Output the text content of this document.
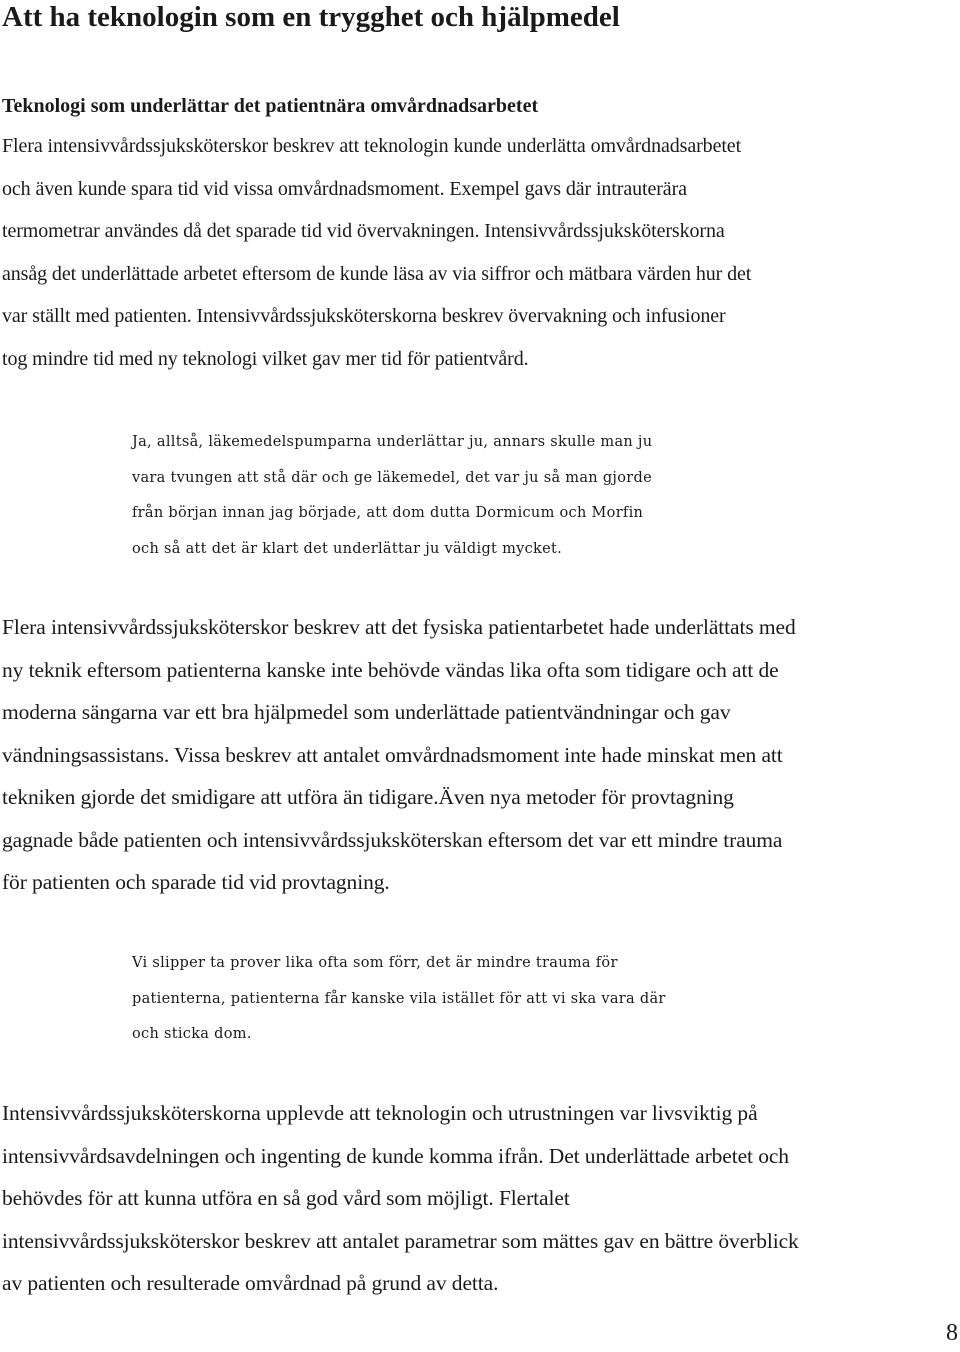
Att ha teknologin som en trygghet och hjälpmedel
Teknologi som underlättar det patientnära omvårdnadsarbetet

Flera intensivvårdssjuksköterskor beskrev att teknologin kunde underlätta omvårdnadsarbetet
och även kunde spara tid vid vissa omvårdnadsmoment. Exempel gavs där intrauterära
termometrar användes då det sparade tid vid övervakningen. Intensivvårdssjuksköterskorna
ansåg det underlättade arbetet eftersom de kunde läsa av via siffror och mätbara värden hur det
var ställt med patienten. Intensivvårdssjuksköterskorna beskrev övervakning och infusioner
tog mindre tid med ny teknologi vilket gav mer tid för patientvård.

Ja, alltså, läkemedelspumparna underlättar ju, annars skulle man ju
vara tvungen att stå där och ge läkemedel, det var ju så man gjorde
från början innan jag började, att dom dutta Dormicum och Morfin
och så att det är klart det underlättar ju väldigt mycket.

Flera intensivvårdssjuksköterskor beskrev att det fysiska patientarbetet hade underlättats med
ny teknik eftersom patienterna kanske inte behövde vändas lika ofta som tidigare och att de
moderna sängarna var ett bra hjälpmedel som underlättade patientvändningar och gav
vändningsassistans. Vissa beskrev att antalet omvårdnadsmoment inte hade minskat men att
tekniken gjorde det smidigare att utföra än tidigare.Även nya metoder för provtagning
gagnade både patienten och intensivvårdssjuksköterskan eftersom det var ett mindre trauma
för patienten och sparade tid vid provtagning.

Vi slipper ta prover lika ofta som förr, det är mindre trauma för
patienterna, patienterna får kanske vila istället för att vi ska vara där
och sticka dom.

Intensivvårdssjuksköterskorna upplevde att teknologin och utrustningen var livsviktig på
intensivvårdsavdelningen och ingenting de kunde komma ifrån. Det underlättade arbetet och
behövdes för att kunna utföra en så god vård som möjligt. Flertalet
intensivvårdssjuksköterskor beskrev att antalet parametrar som mättes gav en bättre överblick
av patienten och resulterade omvårdnad på grund av detta.

8
